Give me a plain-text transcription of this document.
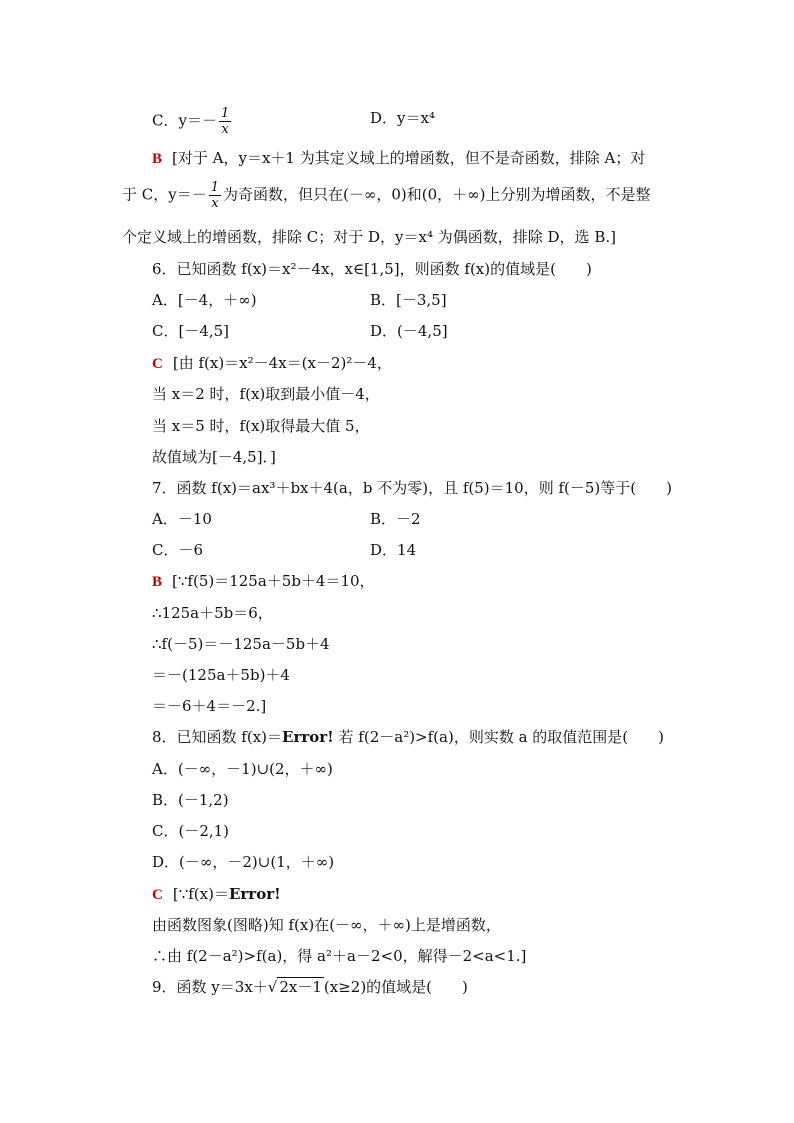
C．$y=- \frac{1}{x}$	D．y＝x⁴
B [对于 A，y＝x＋1 为其定义域上的增函数，但不是奇函数，排除 A；对
于 C，$y=- \frac{1}{x}$ 为奇函数，但只在(－∞，0)和(0，＋∞)上分别为增函数，不是整
个定义域上的增函数，排除 C；对于 D，y＝x⁴ 为偶函数，排除 D，选 B.]
6．已知函数 f(x)＝x²－4x，x∈[1,5]，则函数 f(x)的值域是(　　)
A．[－4，＋∞)	B．[－3,5]
C．[－4,5]	D．(－4,5]
C [由 f(x)＝x²－4x＝(x－2)²－4，
当 x＝2 时，f(x)取到最小值－4，
当 x＝5 时，f(x)取得最大值 5，
故值域为[－4,5]．]
7．函数 f(x)＝ax³＋bx＋4(a，b 不为零)，且 f(5)＝10，则 f(－5)等于(　　)
A．－10	B．－2
C．－6	D．14
B [∵f(5)＝125a＋5b＋4＝10，
∴125a＋5b＝6，
∴f(－5)＝－125a－5b＋4
＝－(125a＋5b)＋4
＝－6＋4＝－2.]
8．已知函数 f(x)＝Error! 若 f(2－a²)>f(a)，则实数 a 的取值范围是(　　)
A．(－∞，－1)∪(2，＋∞)
B．(－1,2)
C．(－2,1)
D．(－∞，－2)∪(1，＋∞)
C [∵f(x)＝Error!
由函数图象(图略)知 f(x)在(－∞，＋∞)上是增函数，
∴由 f(2－a²)>f(a)，得 a²＋a－2<0，解得－2<a<1.]
9．函数 y＝3x＋√ 2x－1 (x≥2)的值域是(　　)
